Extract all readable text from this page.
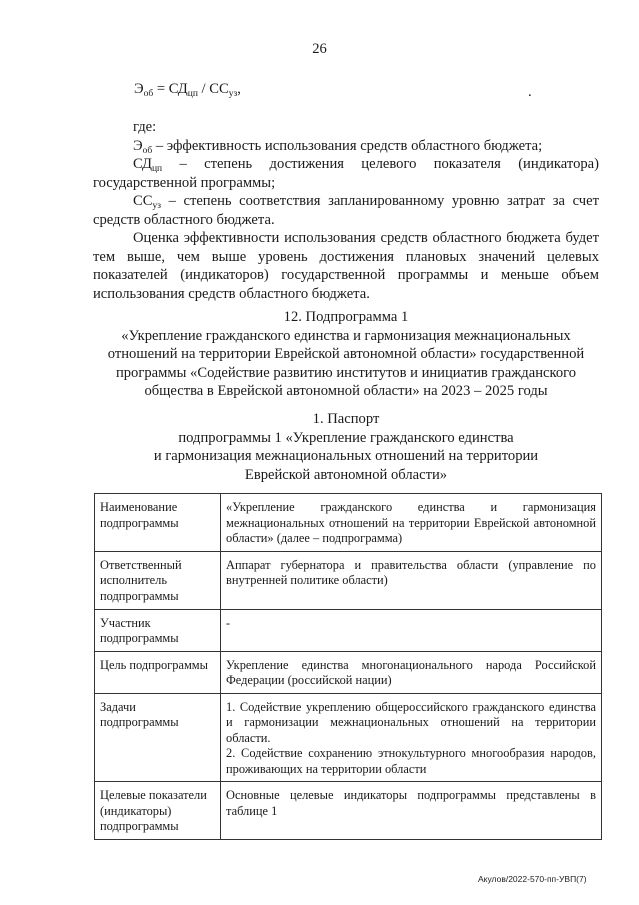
26
$Э_{об} = СД_{цп} / СС_{уз}$,	.

где:

$Э_{об}$ – эффективность использования средств областного бюджета;

$СД_{цп}$ – степень достижения целевого показателя (индикатора) государственной программы;

$СС_{уз}$ – степень соответствия запланированному уровню затрат за счет средств областного бюджета.

Оценка эффективности использования средств областного бюджета будет тем выше, чем выше уровень достижения плановых значений целевых показателей (индикаторов) государственной программы и меньше объем использования средств областного бюджета.

12. Подпрограмма 1
«Укрепление гражданского единства и гармонизация межнациональных
отношений на территории Еврейской автономной области» государственной
программы «Содействие развитию институтов и инициатив гражданского
общества в Еврейской автономной области» на 2023 – 2025 годы
1. Паспорт
подпрограммы 1 «Укрепление гражданского единства
и гармонизация межнациональных отношений на территории
Еврейской автономной области»
Наименование подпрограммы	«Укрепление гражданского единства и гармонизация межнациональных отношений на территории Еврейской автономной области» (далее – подпрограмма)
Ответственный исполнитель подпрограммы	Аппарат губернатора и правительства области (управление по внутренней политике области)
Участник подпрограммы	-
Цель подпрограммы	Укрепление единства многонационального народа Российской Федерации (российской нации)
Задачи подпрограммы	1. Содействие укреплению общероссийского гражданского единства и гармонизации межнациональных отношений на территории области.

2. Содействие сохранению этнокультурного многообразия народов, проживающих на территории области

Целевые показатели (индикаторы) подпрограммы	Основные целевые индикаторы подпрограммы представлены в таблице 1
Акулов/2022-570-пп-УВП(7)
